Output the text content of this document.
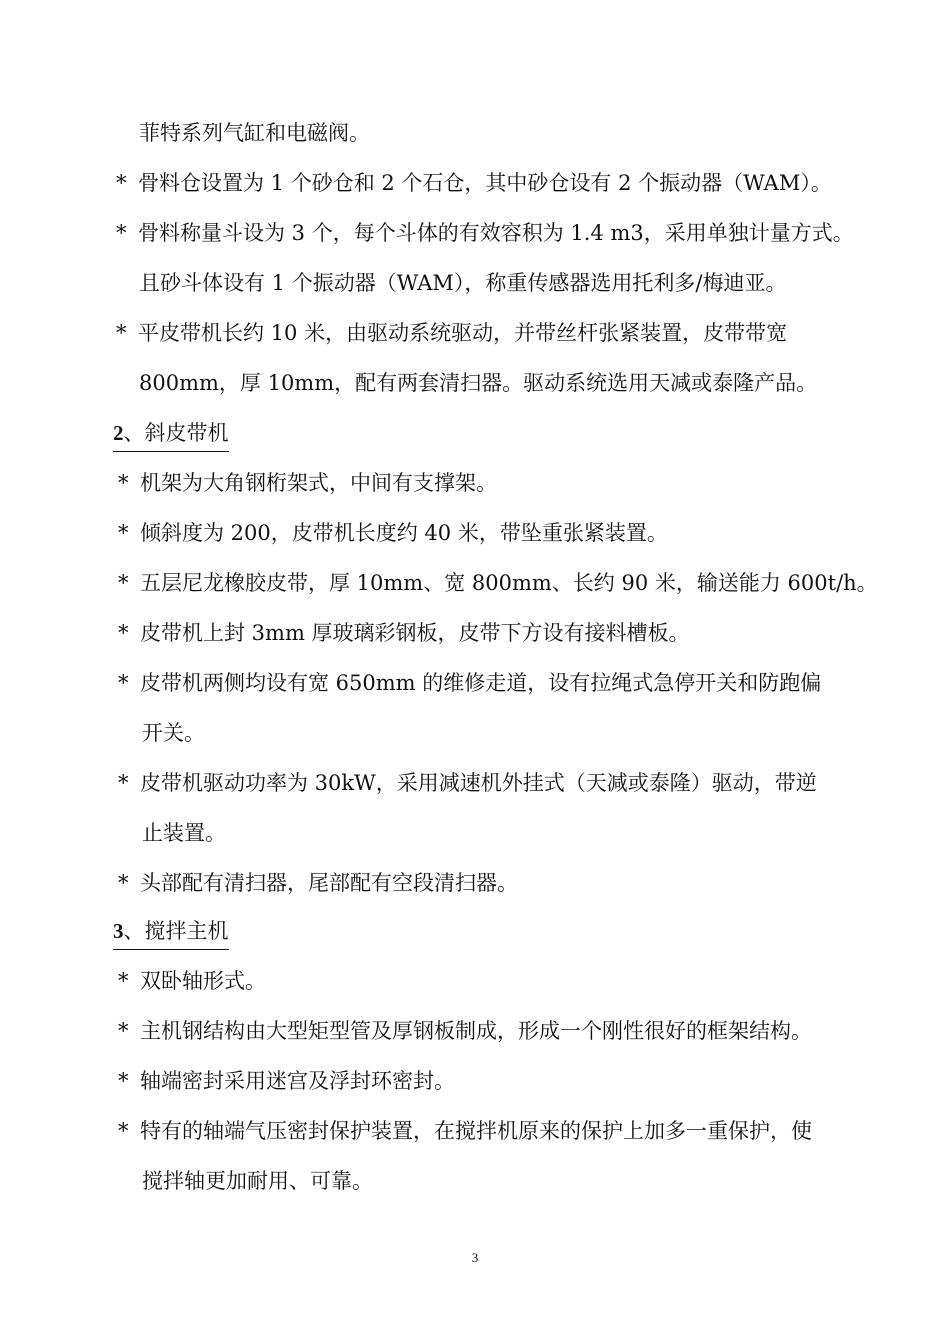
菲特系列气缸和电磁阀。
* 骨料仓设置为 1 个砂仓和 2 个石仓，其中砂仓设有 2 个振动器（WAM）。
* 骨料称量斗设为 3 个，每个斗体的有效容积为 1.4 m3，采用单独计量方式。
且砂斗体设有 1 个振动器（WAM），称重传感器选用托利多/梅迪亚。
* 平皮带机长约 10 米，由驱动系统驱动，并带丝杆张紧装置，皮带带宽
800mm，厚 10mm，配有两套清扫器。驱动系统选用天减或泰隆产品。
2、斜皮带机
* 机架为大角钢桁架式，中间有支撑架。
* 倾斜度为 200，皮带机长度约 40 米，带坠重张紧装置。
* 五层尼龙橡胶皮带，厚 10mm、宽 800mm、长约 90 米，输送能力 600t/h。
* 皮带机上封 3mm 厚玻璃彩钢板，皮带下方设有接料槽板。
* 皮带机两侧均设有宽 650mm 的维修走道，设有拉绳式急停开关和防跑偏
开关。
* 皮带机驱动功率为 30kW，采用减速机外挂式（天减或泰隆）驱动，带逆
止装置。
* 头部配有清扫器，尾部配有空段清扫器。
3、搅拌主机
* 双卧轴形式。
* 主机钢结构由大型矩型管及厚钢板制成，形成一个刚性很好的框架结构。
* 轴端密封采用迷宫及浮封环密封。
* 特有的轴端气压密封保护装置，在搅拌机原来的保护上加多一重保护，使
搅拌轴更加耐用、可靠。
3
